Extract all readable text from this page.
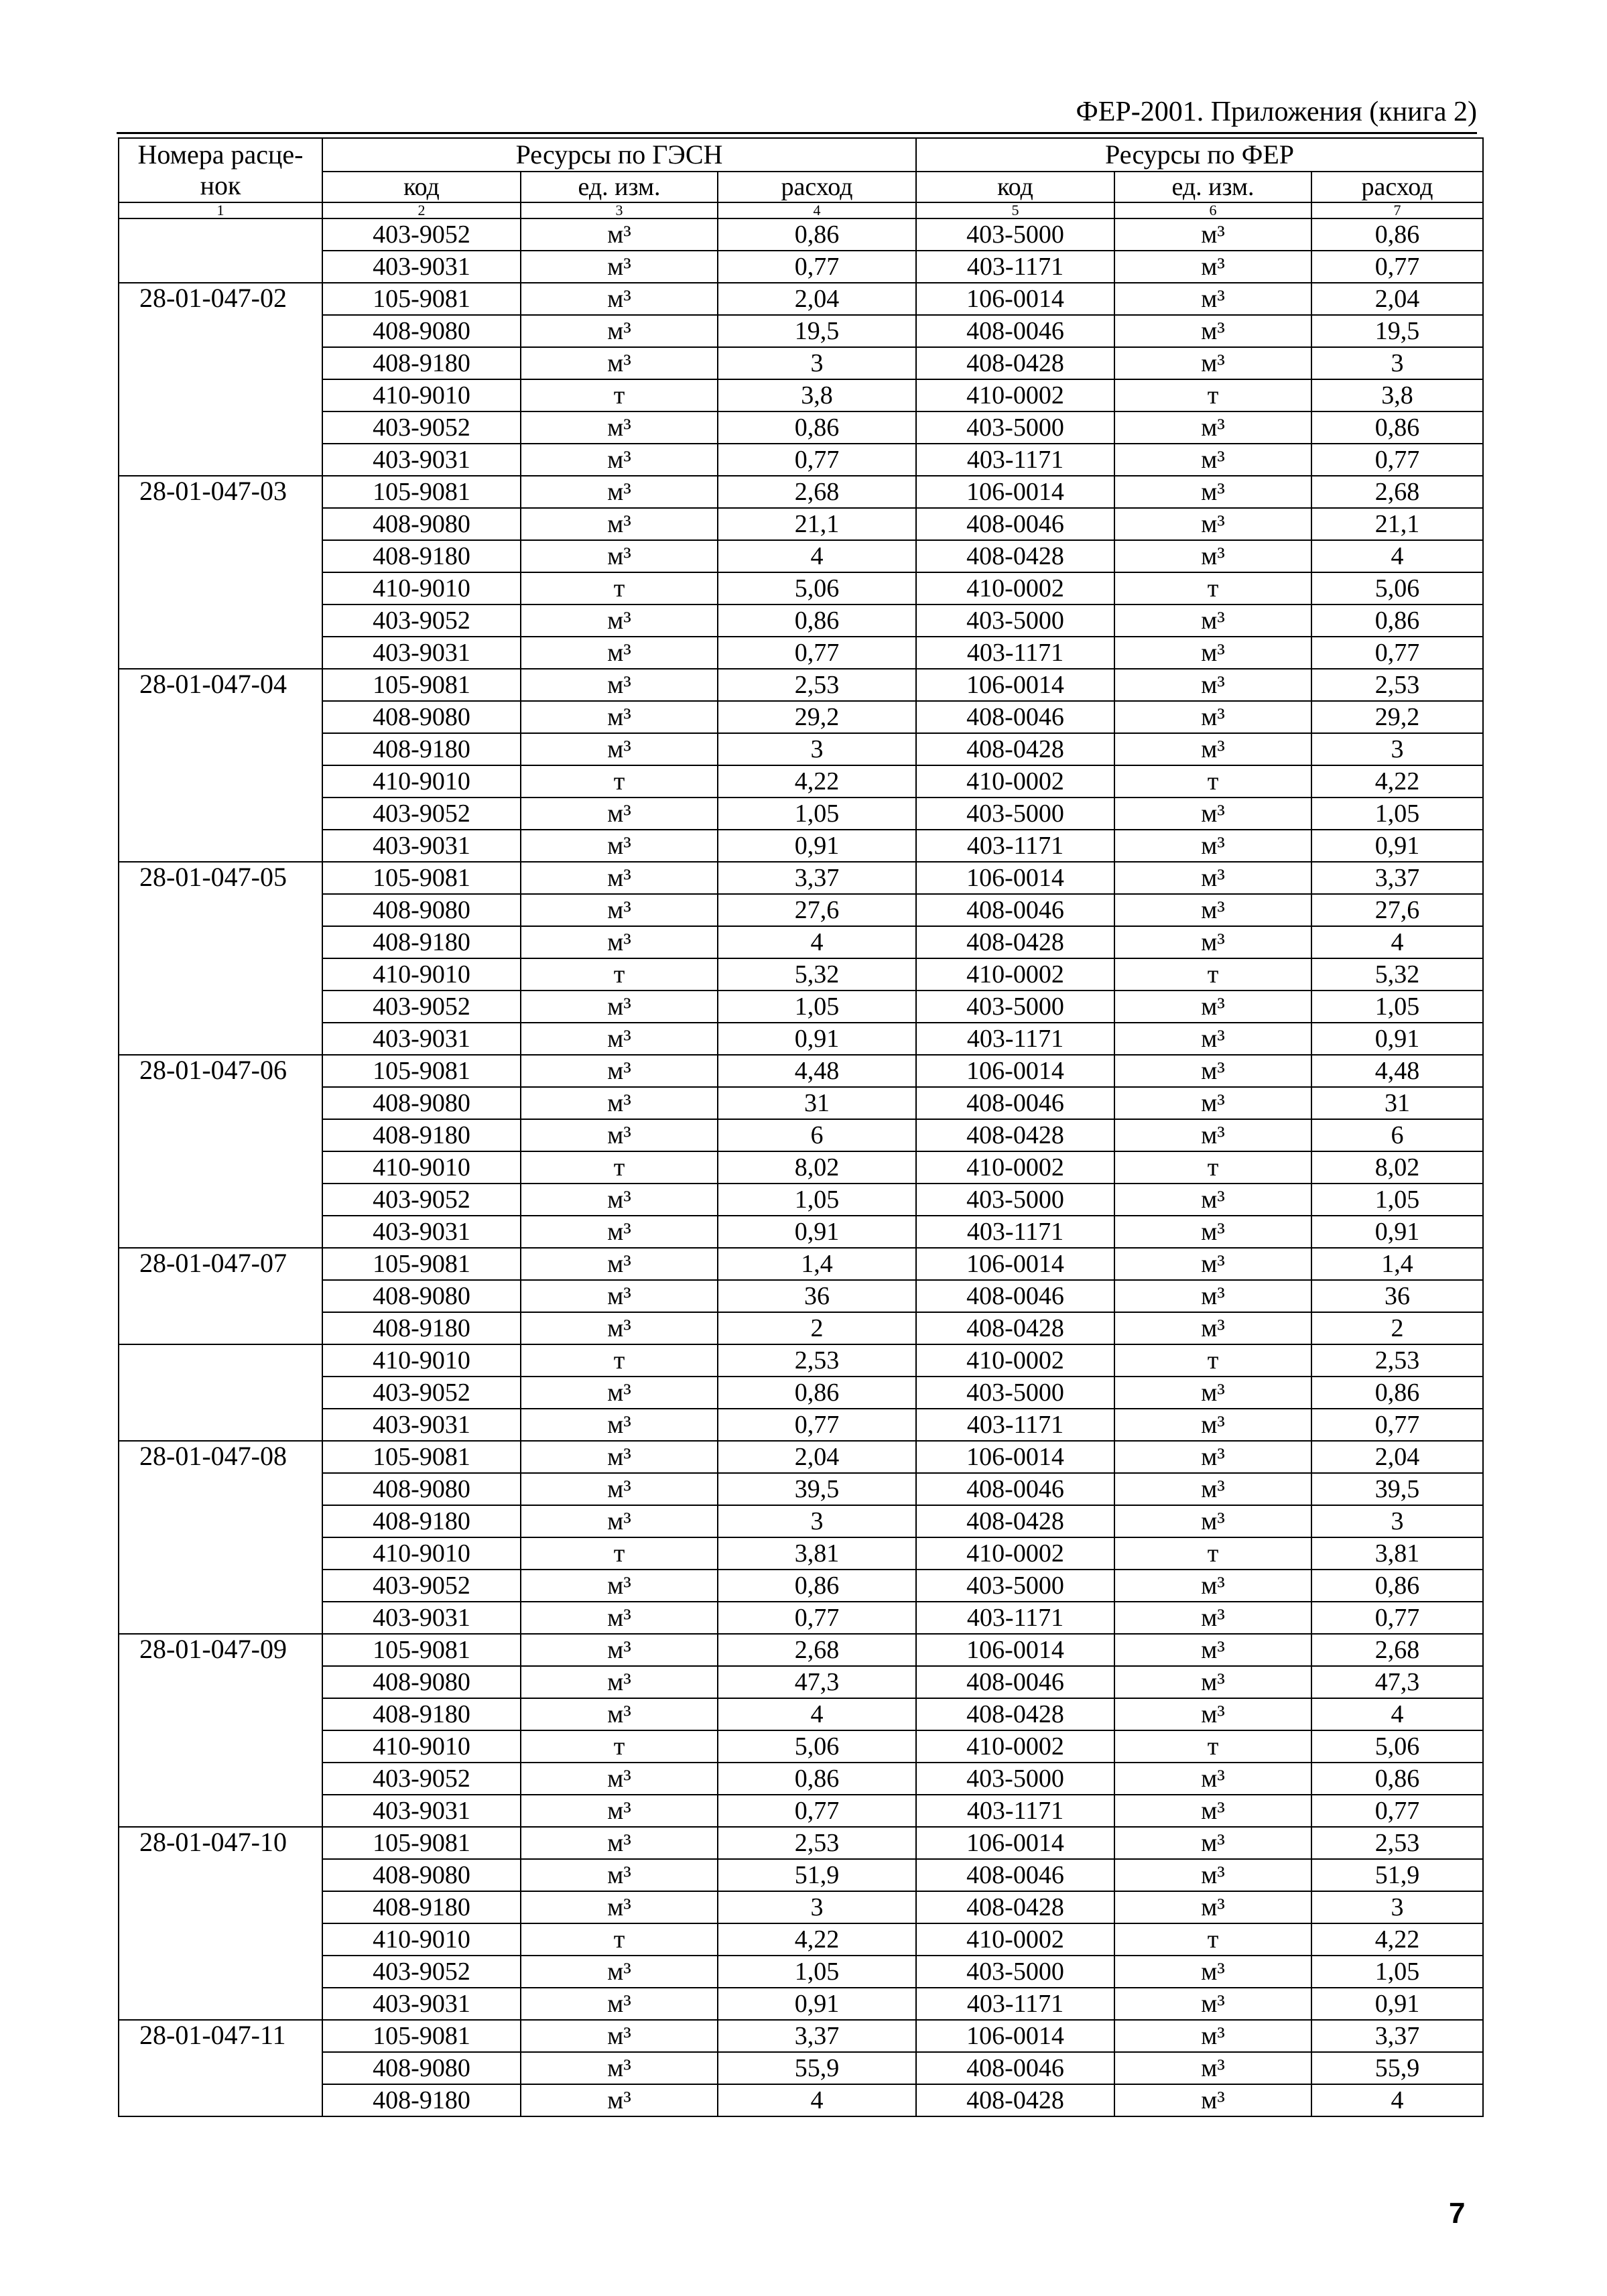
ФЕР-2001. Приложения (книга 2)
Номера расце-
нок	Ресурсы по ГЭСН			Ресурсы по ФЕР		
	код	ед. изм.	расход	код	ед. изм.	расход
1	2	3	4	5	6	7
	403-9052	м³	0,86	403-5000	м³	0,86
	403-9031	м³	0,77	403-1171	м³	0,77
28-01-047-02	105-9081	м³	2,04	106-0014	м³	2,04
	408-9080	м³	19,5	408-0046	м³	19,5
	408-9180	м³	3	408-0428	м³	3
	410-9010	т	3,8	410-0002	т	3,8
	403-9052	м³	0,86	403-5000	м³	0,86
	403-9031	м³	0,77	403-1171	м³	0,77
28-01-047-03	105-9081	м³	2,68	106-0014	м³	2,68
	408-9080	м³	21,1	408-0046	м³	21,1
	408-9180	м³	4	408-0428	м³	4
	410-9010	т	5,06	410-0002	т	5,06
	403-9052	м³	0,86	403-5000	м³	0,86
	403-9031	м³	0,77	403-1171	м³	0,77
28-01-047-04	105-9081	м³	2,53	106-0014	м³	2,53
	408-9080	м³	29,2	408-0046	м³	29,2
	408-9180	м³	3	408-0428	м³	3
	410-9010	т	4,22	410-0002	т	4,22
	403-9052	м³	1,05	403-5000	м³	1,05
	403-9031	м³	0,91	403-1171	м³	0,91
28-01-047-05	105-9081	м³	3,37	106-0014	м³	3,37
	408-9080	м³	27,6	408-0046	м³	27,6
	408-9180	м³	4	408-0428	м³	4
	410-9010	т	5,32	410-0002	т	5,32
	403-9052	м³	1,05	403-5000	м³	1,05
	403-9031	м³	0,91	403-1171	м³	0,91
28-01-047-06	105-9081	м³	4,48	106-0014	м³	4,48
	408-9080	м³	31	408-0046	м³	31
	408-9180	м³	6	408-0428	м³	6
	410-9010	т	8,02	410-0002	т	8,02
	403-9052	м³	1,05	403-5000	м³	1,05
	403-9031	м³	0,91	403-1171	м³	0,91
28-01-047-07	105-9081	м³	1,4	106-0014	м³	1,4
	408-9080	м³	36	408-0046	м³	36
	408-9180	м³	2	408-0428	м³	2
	410-9010	т	2,53	410-0002	т	2,53
	403-9052	м³	0,86	403-5000	м³	0,86
	403-9031	м³	0,77	403-1171	м³	0,77
28-01-047-08	105-9081	м³	2,04	106-0014	м³	2,04
	408-9080	м³	39,5	408-0046	м³	39,5
	408-9180	м³	3	408-0428	м³	3
	410-9010	т	3,81	410-0002	т	3,81
	403-9052	м³	0,86	403-5000	м³	0,86
	403-9031	м³	0,77	403-1171	м³	0,77
28-01-047-09	105-9081	м³	2,68	106-0014	м³	2,68
	408-9080	м³	47,3	408-0046	м³	47,3
	408-9180	м³	4	408-0428	м³	4
	410-9010	т	5,06	410-0002	т	5,06
	403-9052	м³	0,86	403-5000	м³	0,86
	403-9031	м³	0,77	403-1171	м³	0,77
28-01-047-10	105-9081	м³	2,53	106-0014	м³	2,53
	408-9080	м³	51,9	408-0046	м³	51,9
	408-9180	м³	3	408-0428	м³	3
	410-9010	т	4,22	410-0002	т	4,22
	403-9052	м³	1,05	403-5000	м³	1,05
	403-9031	м³	0,91	403-1171	м³	0,91
28-01-047-11	105-9081	м³	3,37	106-0014	м³	3,37
	408-9080	м³	55,9	408-0046	м³	55,9
	408-9180	м³	4	408-0428	м³	4
7
